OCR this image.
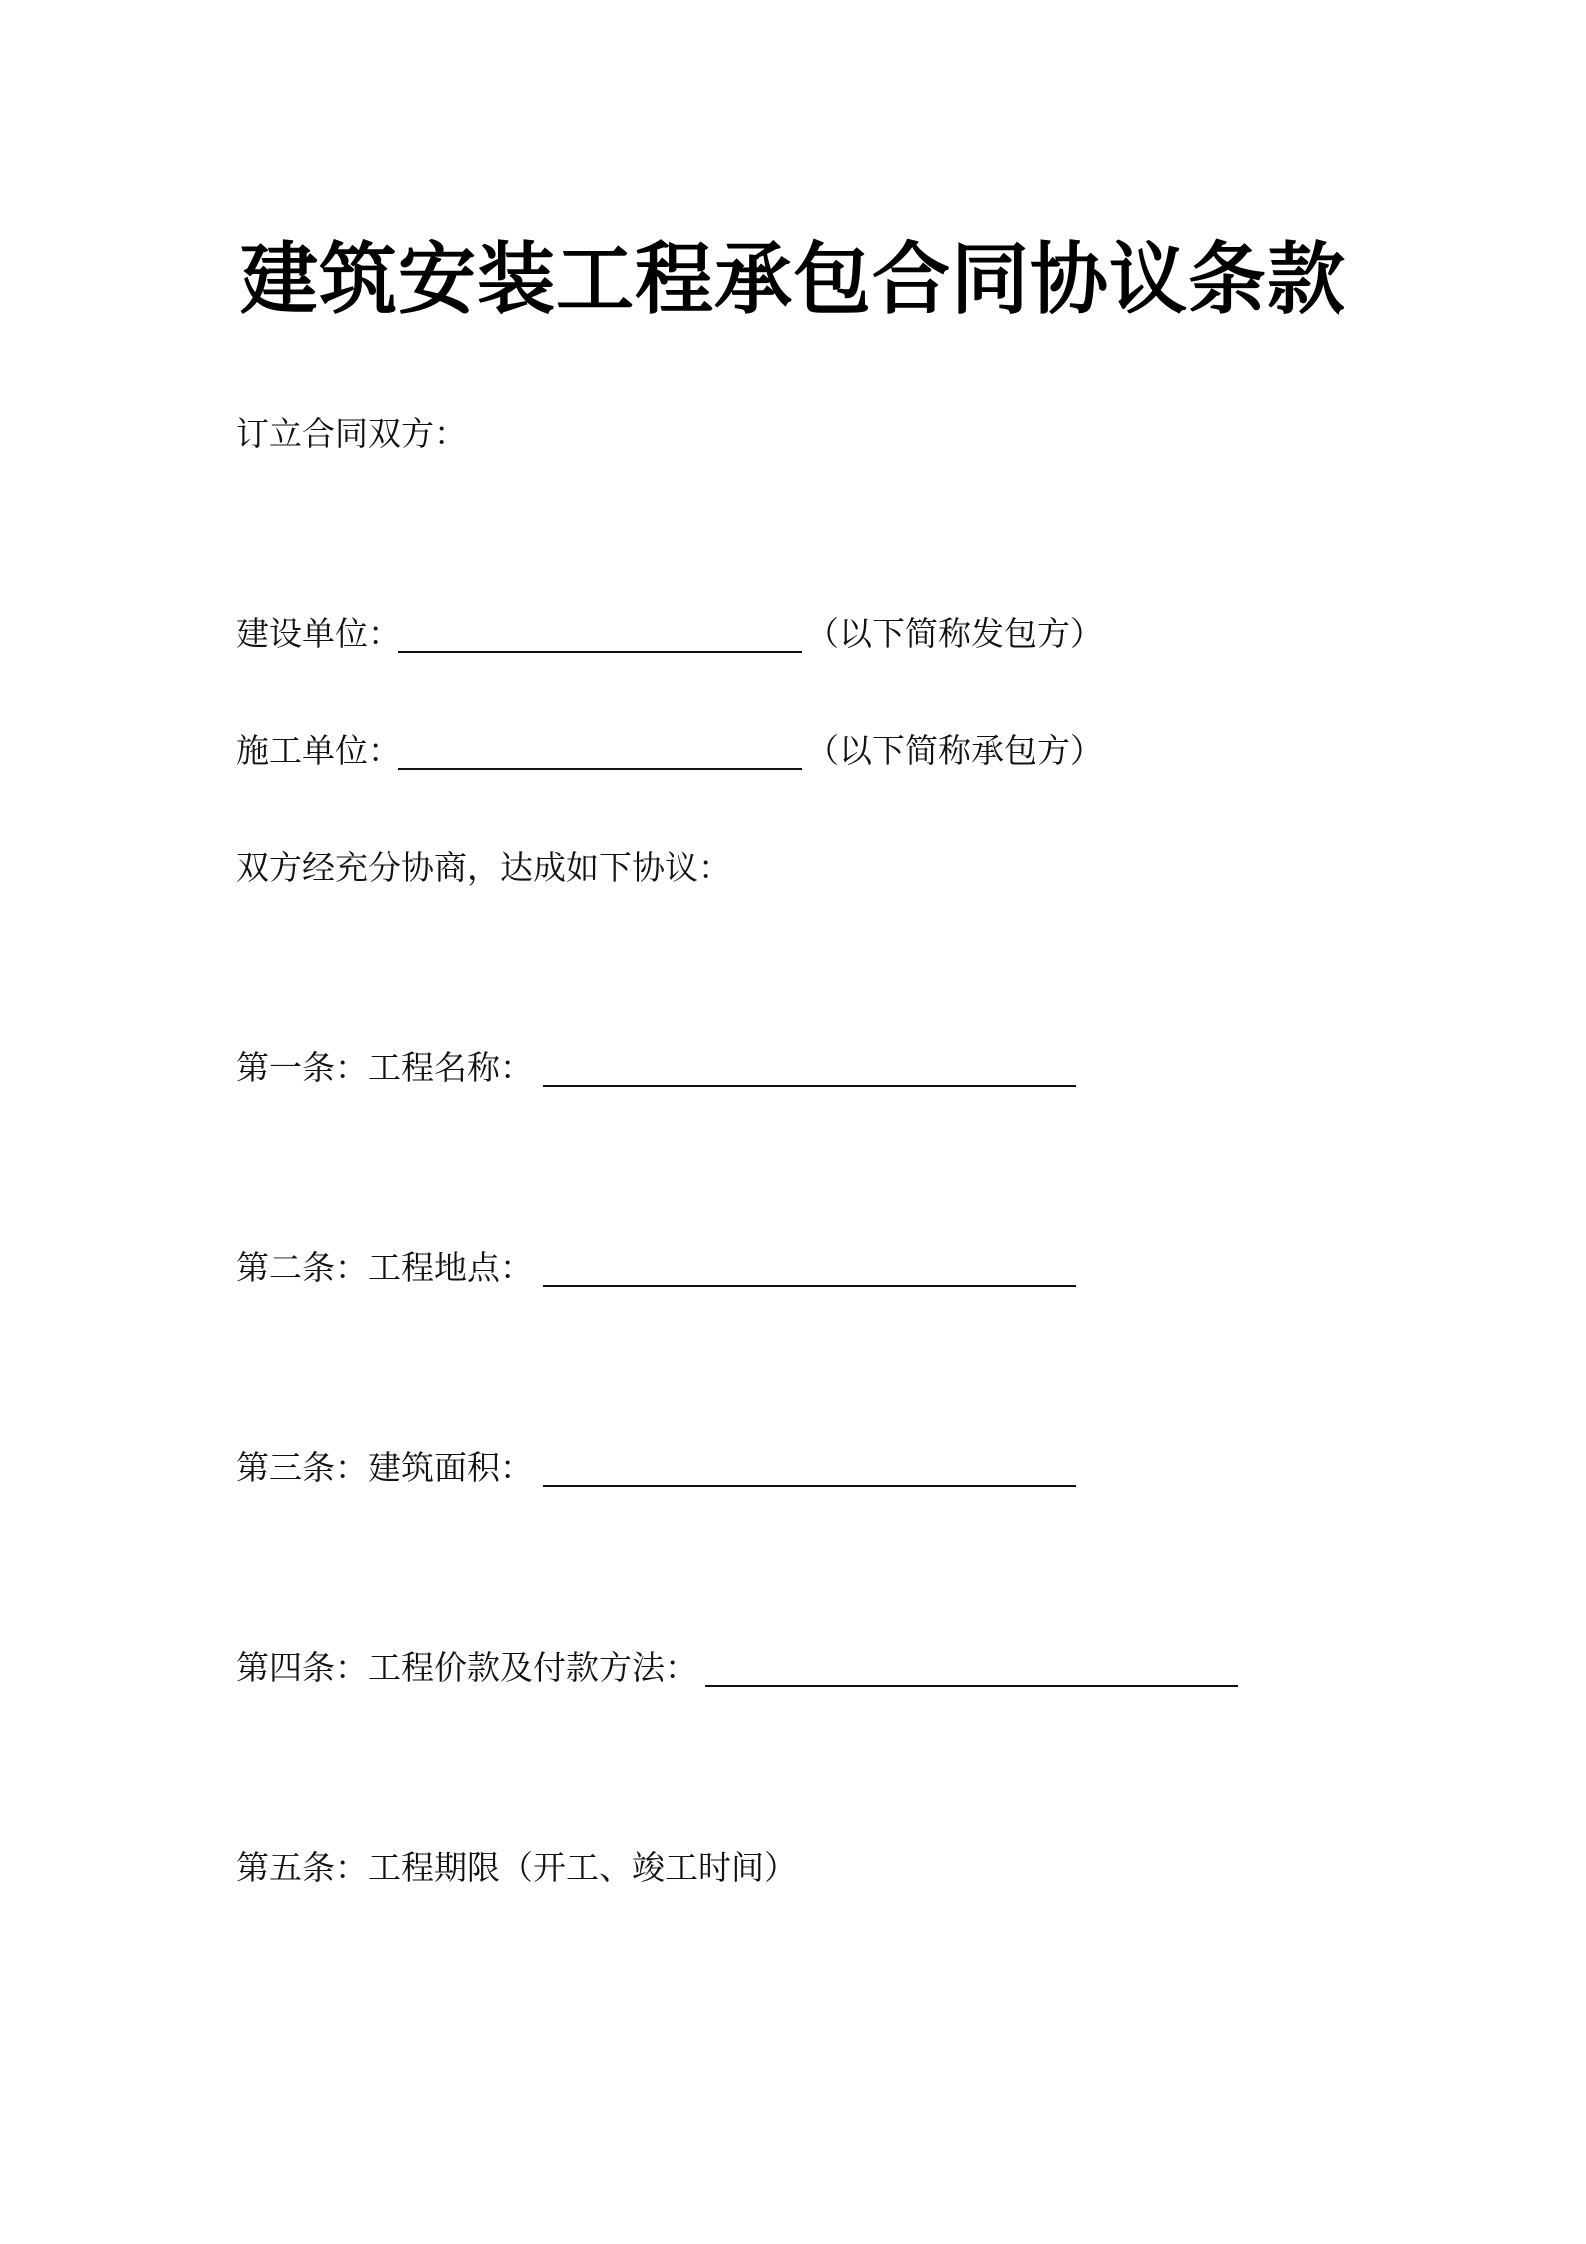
建筑安装工程承包合同协议条款
订立合同双方：
建设单位：	（以下简称发包方）
施工单位：	（以下简称承包方）
双方经充分协商，达成如下协议：
第一条：工程名称：
第二条：工程地点：
第三条：建筑面积：
第四条：工程价款及付款方法：
第五条：工程期限（开工、竣工时间）
